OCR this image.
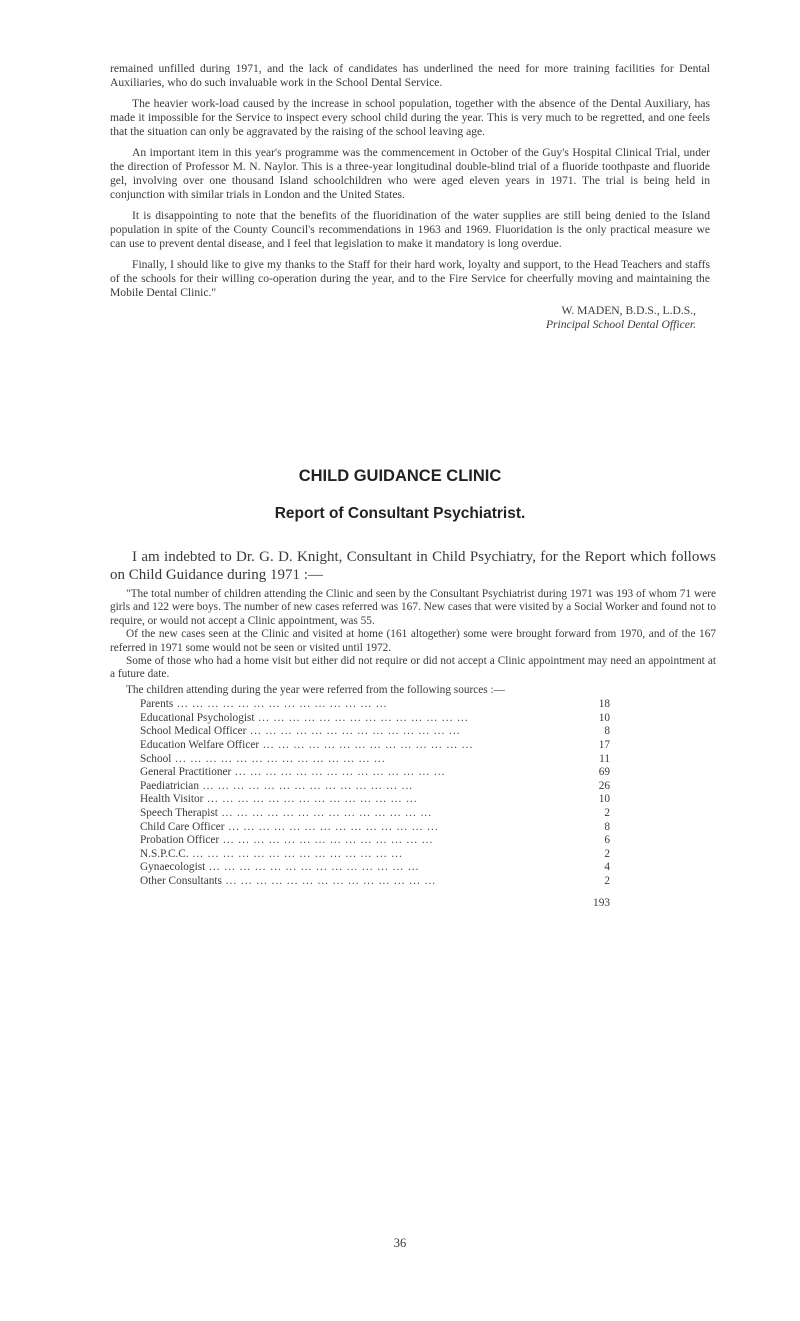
remained unfilled during 1971, and the lack of candidates has underlined the need for more training facilities for Dental Auxiliaries, who do such invaluable work in the School Dental Service.

The heavier work-load caused by the increase in school population, together with the absence of the Dental Auxiliary, has made it impossible for the Service to inspect every school child during the year. This is very much to be regretted, and one feels that the situation can only be aggravated by the raising of the school leaving age.

An important item in this year's programme was the commencement in October of the Guy's Hospital Clinical Trial, under the direction of Professor M. N. Naylor. This is a three-year longitudinal double-blind trial of a fluoride toothpaste and fluoride gel, involving over one thousand Island schoolchildren who were aged eleven years in 1971. The trial is being held in conjunction with similar trials in London and the United States.

It is disappointing to note that the benefits of the fluoridination of the water supplies are still being denied to the Island population in spite of the County Council's recommendations in 1963 and 1969. Fluoridation is the only practical measure we can use to prevent dental disease, and I feel that legislation to make it mandatory is long overdue.

Finally, I should like to give my thanks to the Staff for their hard work, loyalty and support, to the Head Teachers and staffs of the schools for their willing co-operation during the year, and to the Fire Service for cheerfully moving and maintaining the Mobile Dental Clinic."

W. MADEN, B.D.S., L.D.S.,
Principal School Dental Officer.
CHILD GUIDANCE CLINIC
Report of Consultant Psychiatrist.

I am indebted to Dr. G. D. Knight, Consultant in Child Psychiatry, for the Report which follows on Child Guidance during 1971 :—

"The total number of children attending the Clinic and seen by the Consultant Psychiatrist during 1971 was 193 of whom 71 were girls and 122 were boys. The number of new cases referred was 167. New cases that were visited by a Social Worker and found not to require, or would not accept a Clinic appointment, was 55.

Of the new cases seen at the Clinic and visited at home (161 altogether) some were brought forward from 1970, and of the 167 referred in 1971 some would not be seen or visited until 1972.

Some of those who had a home visit but either did not require or did not accept a Clinic appointment may need an appointment at a future date.

The children attending during the year were referred from the following sources :—

Parents ... .	18
Educational Psychologist ... .	10
School Medical Officer ... .	8
Education Welfare Officer ... .	17
School ... .	11
General Practitioner ... .	69
Paediatrician ... .	26
Health Visitor ... .	10
Speech Therapist ... .	2
Child Care Officer ... .	8
Probation Officer ... .	6
N.S.P.C.C. ... .	2
Gynaecologist ... .	4
Other Consultants ... .	2
193
36
